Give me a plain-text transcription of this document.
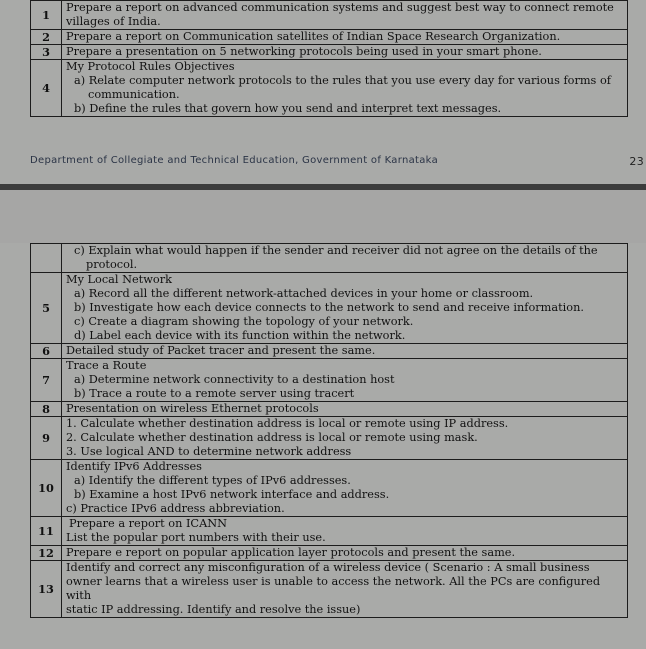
1	Prepare a report on advanced communication systems and suggest best way to connect remote
villages of India.

2	Prepare a report on Communication satellites of Indian Space Research Organization.
3	Prepare a presentation on 5 networking protocols being used in your smart phone.
4	My Protocol Rules Objectives
a) Relate computer network protocols to the rules that you use every day for various forms of
communication.
b) Define the rules that govern how you send and interpret text messages.
Department of Collegiate and Technical Education, Government of Karnataka	23

	c) Explain what would happen if the sender and receiver did not agree on the details of the
protocol.

5	My Local Network
a) Record all the different network-attached devices in your home or classroom.
b) Investigate how each device connects to the network to send and receive information.
c) Create a diagram showing the topology of your network.
d) Label each device with its function within the network.

6	Detailed study of Packet tracer and present the same.
7	Trace a Route
a) Determine network connectivity to a destination host
b) Trace a route to a remote server using tracert

8	Presentation on wireless Ethernet protocols
9	1. Calculate whether destination address is local or remote using IP address.
2. Calculate whether destination address is local or remote using mask.
3. Use logical AND to determine network address

10	Identify IPv6 Addresses
a) Identify the different types of IPv6 addresses.
b) Examine a host IPv6 network interface and address.
c) Practice IPv6 address abbreviation.

11	Prepare a report on ICANN
List the popular port numbers with their use.

12	Prepare e report on popular application layer protocols and present the same.
13	Identify and correct any misconfiguration of a wireless device ( Scenario : A small business
owner learns that a wireless user is unable to access the network. All the PCs are configured with
static IP addressing. Identify and resolve the issue)
